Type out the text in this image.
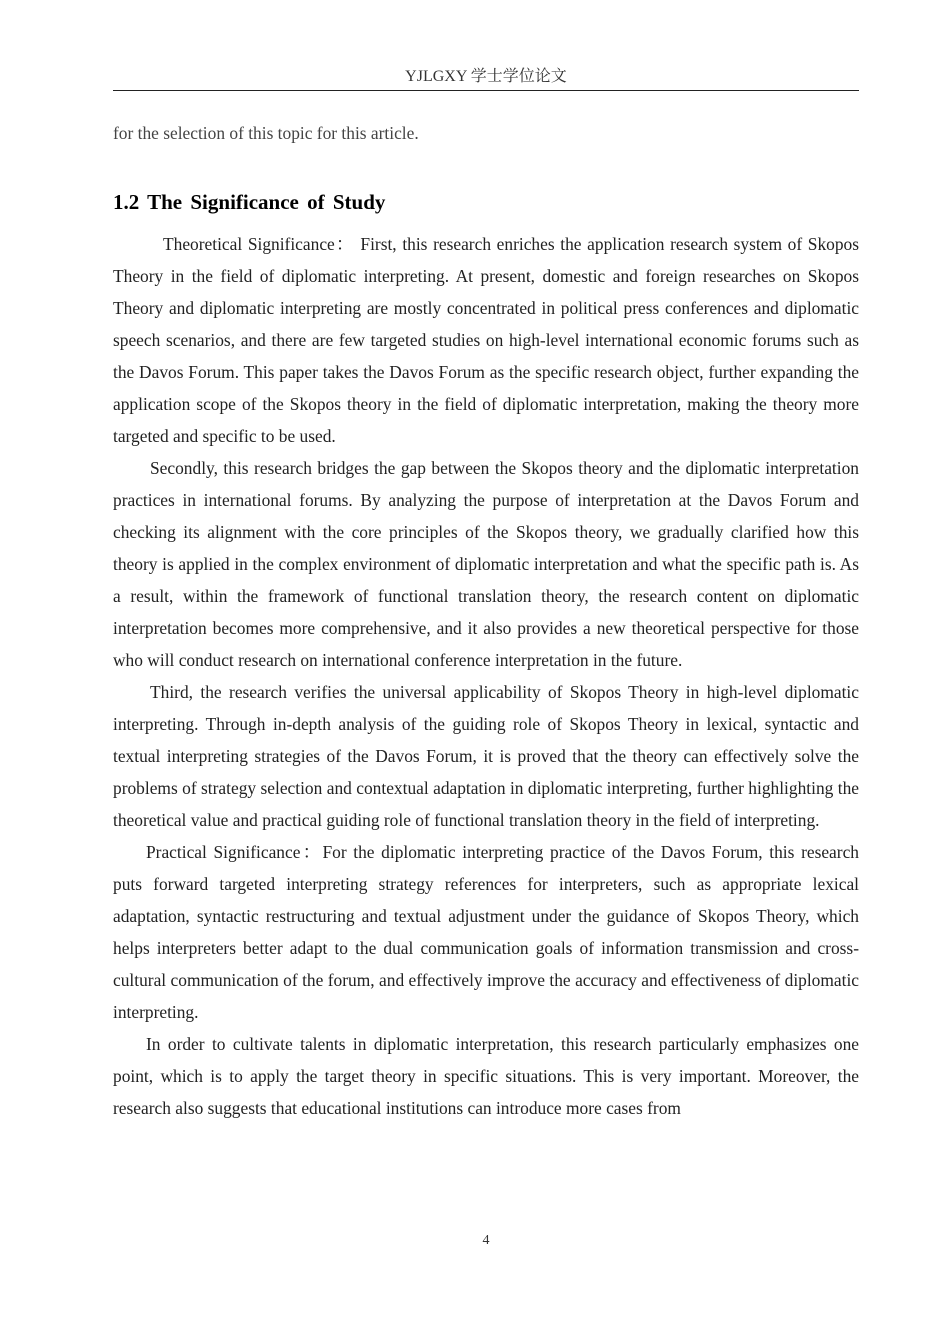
YJLGXY 学士学位论文
for the selection of this topic for this article.
1.2 The Significance of Study

Theoretical Significance： First, this research enriches the application research system of Skopos Theory in the field of diplomatic interpreting. At present, domestic and foreign researches on Skopos Theory and diplomatic interpreting are mostly concentrated in political press conferences and diplomatic speech scenarios, and there are few targeted studies on high-level international economic forums such as the Davos Forum. This paper takes the Davos Forum as the specific research object, further expanding the application scope of the Skopos theory in the field of diplomatic interpretation, making the theory more targeted and specific to be used.

Secondly, this research bridges the gap between the Skopos theory and the diplomatic interpretation practices in international forums. By analyzing the purpose of interpretation at the Davos Forum and checking its alignment with the core principles of the Skopos theory, we gradually clarified how this theory is applied in the complex environment of diplomatic interpretation and what the specific path is. As a result, within the framework of functional translation theory, the research content on diplomatic interpretation becomes more comprehensive, and it also provides a new theoretical perspective for those who will conduct research on international conference interpretation in the future.

Third, the research verifies the universal applicability of Skopos Theory in high-level diplomatic interpreting. Through in-depth analysis of the guiding role of Skopos Theory in lexical, syntactic and textual interpreting strategies of the Davos Forum, it is proved that the theory can effectively solve the problems of strategy selection and contextual adaptation in diplomatic interpreting, further highlighting the theoretical value and practical guiding role of functional translation theory in the field of interpreting.

Practical Significance：For the diplomatic interpreting practice of the Davos Forum, this research puts forward targeted interpreting strategy references for interpreters, such as appropriate lexical adaptation, syntactic restructuring and textual adjustment under the guidance of Skopos Theory, which helps interpreters better adapt to the dual communication goals of information transmission and cross-cultural communication of the forum, and effectively improve the accuracy and effectiveness of diplomatic interpreting.

In order to cultivate talents in diplomatic interpretation, this research particularly emphasizes one point, which is to apply the target theory in specific situations. This is very important. Moreover, the research also suggests that educational institutions can introduce more cases from

4
